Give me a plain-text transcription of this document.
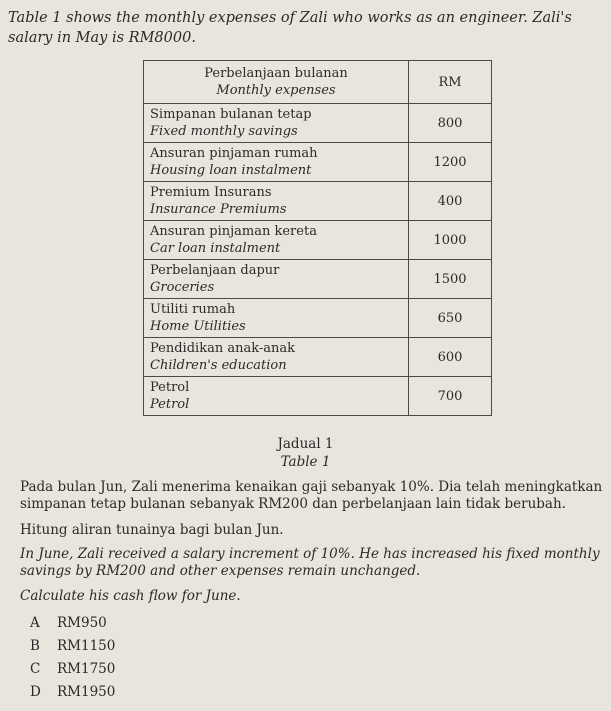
Table 1 shows the monthly expenses of Zali who works as an engineer. Zali's salary in May is RM8000.
Perbelanjaan bulanan
Monthly expenses	RM

Simpanan bulanan tetap
Fixed monthly savings	800

Ansuran pinjaman rumah
Housing loan instalment	1200

Premium Insurans
Insurance Premiums	400

Ansuran pinjaman kereta
Car loan instalment	1000

Perbelanjaan dapur
Groceries	1500

Utiliti rumah
Home Utilities	650

Pendidikan anak-anak
Children's education	600

Petrol
Petrol	700
Jadual 1
Table 1
Pada bulan Jun, Zali menerima kenaikan gaji sebanyak 10%. Dia telah meningkatkan simpanan tetap bulanan sebanyak RM200 dan perbelanjaan lain tidak berubah.
Hitung aliran tunainya bagi bulan Jun.
In June, Zali received a salary increment of 10%. He has increased his fixed monthly savings by RM200 and other expenses remain unchanged.
Calculate his cash flow for June.
A	RM950
B	RM1150
C	RM1750
D	RM1950
